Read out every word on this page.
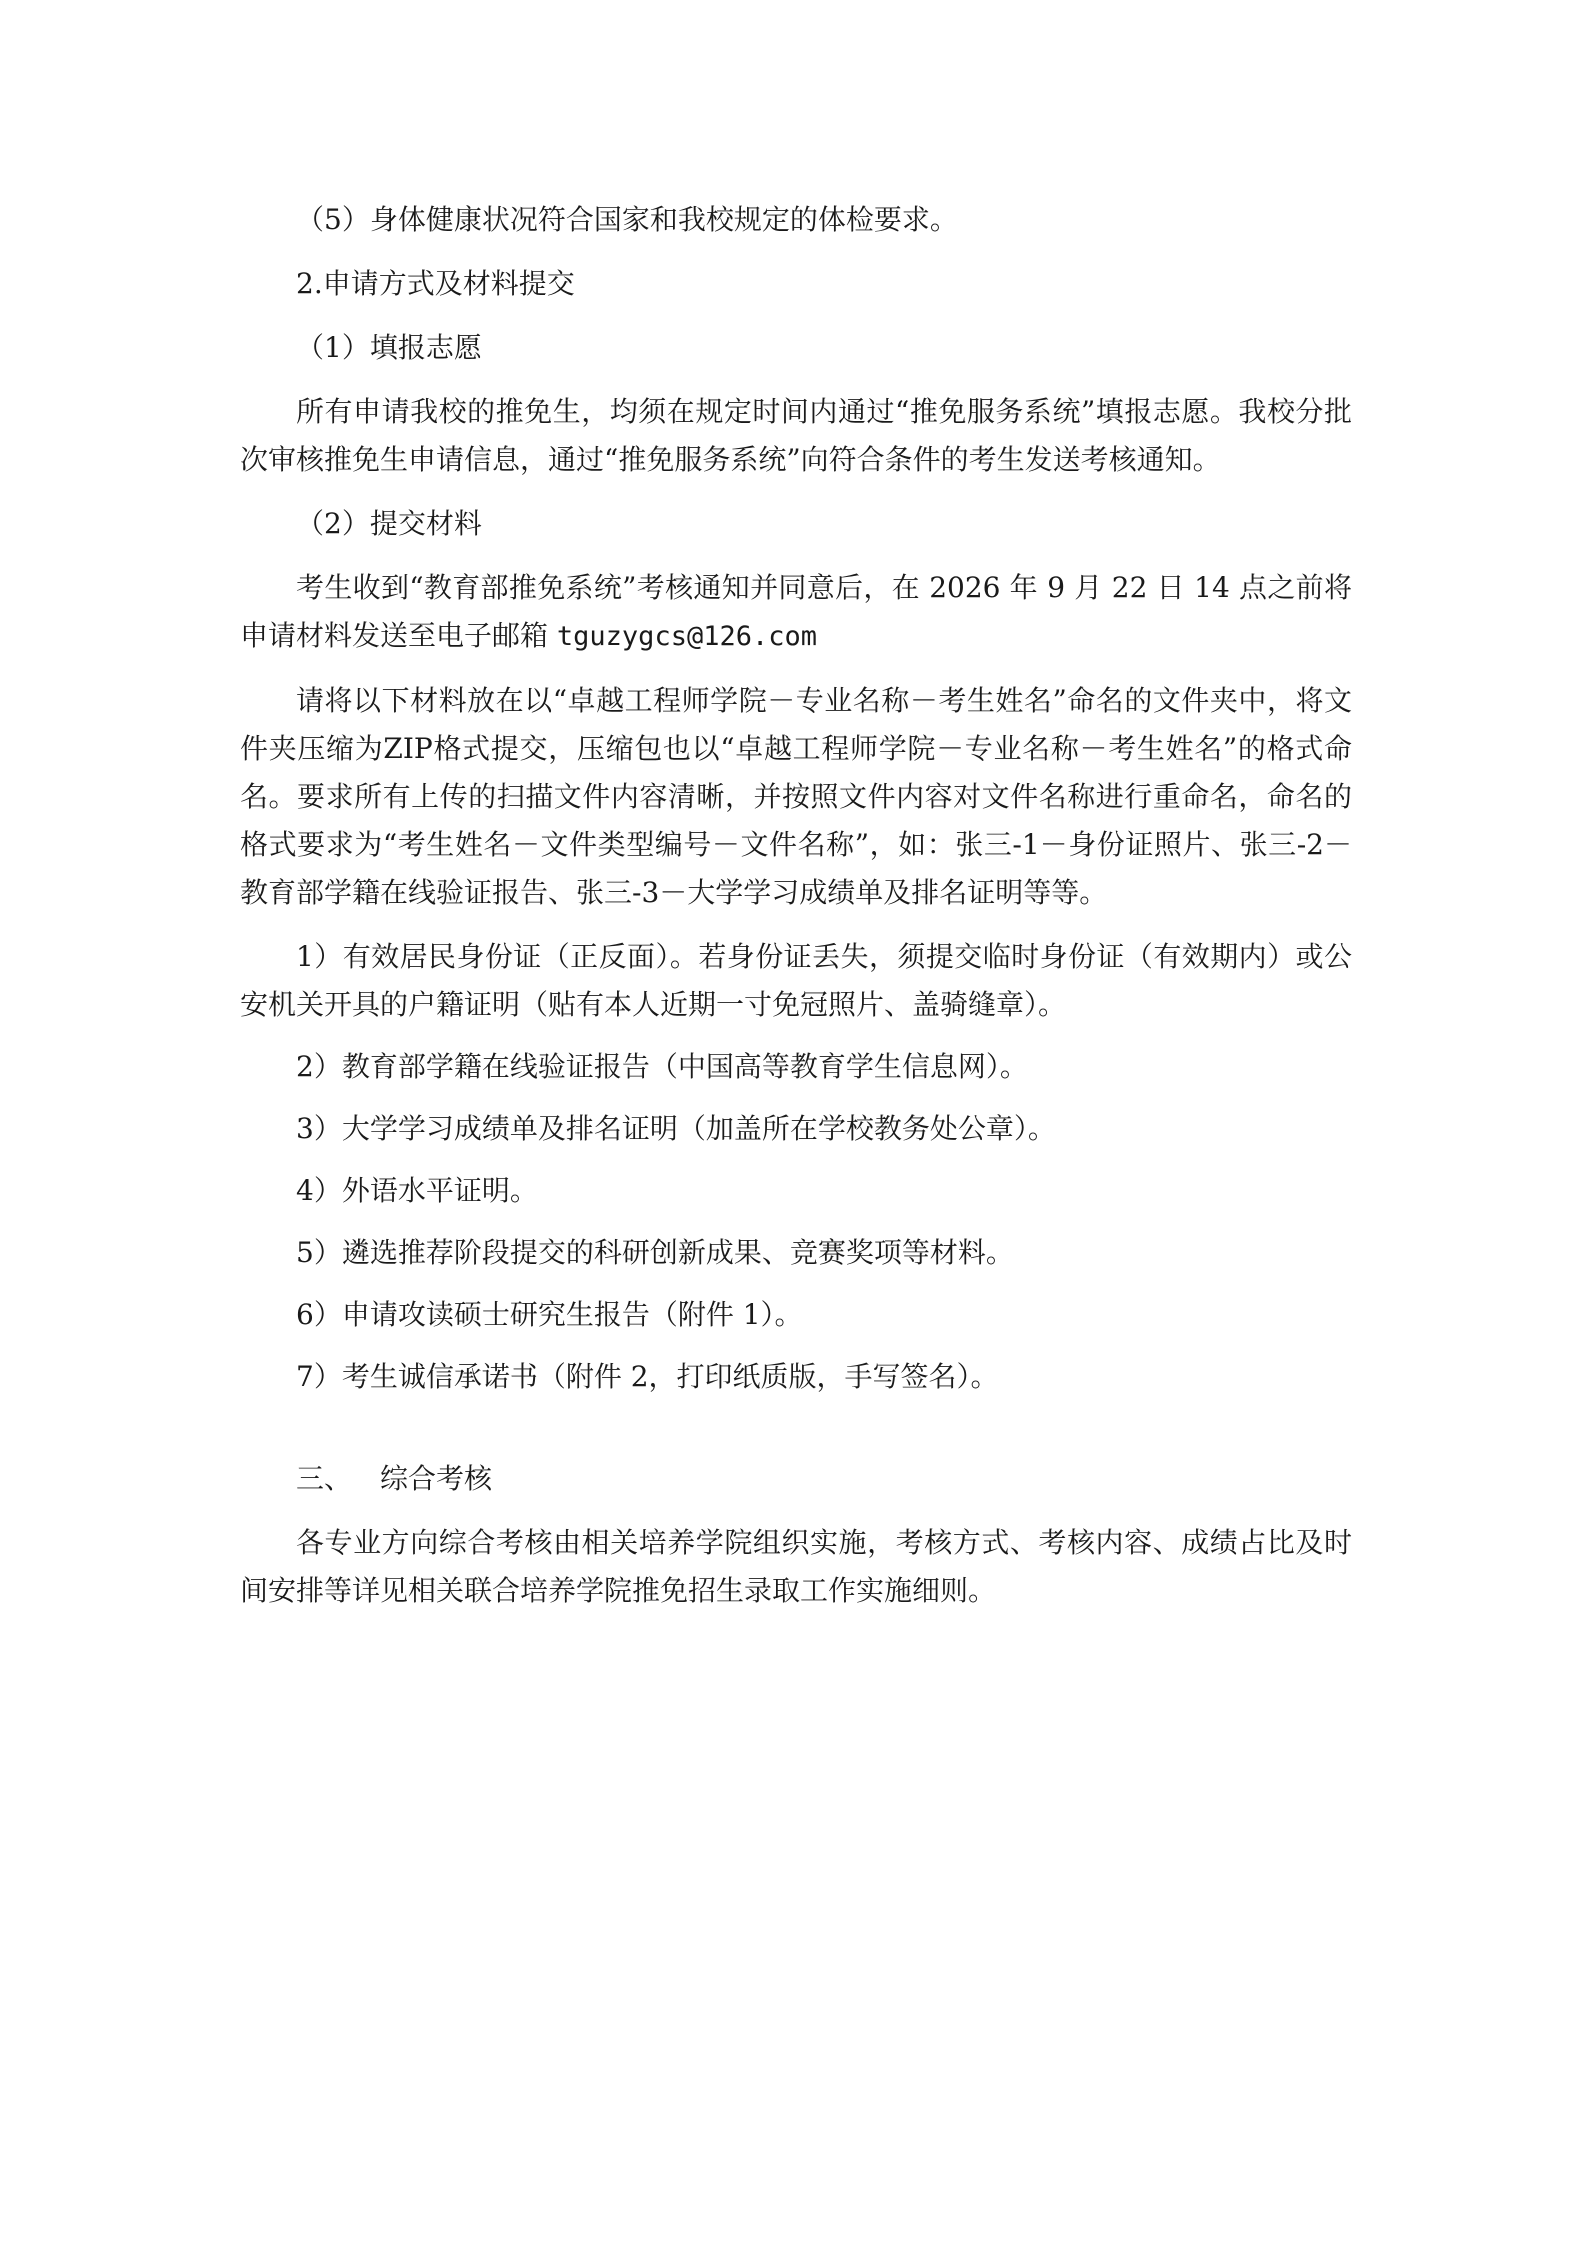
（5）身体健康状况符合国家和我校规定的体检要求。

2.申请方式及材料提交

（1）填报志愿

所有申请我校的推免生，均须在规定时间内通过“推免服务系统”填报志愿。我校分批次审核推免生申请信息，通过“推免服务系统”向符合条件的考生发送考核通知。

（2）提交材料

考生收到“教育部推免系统”考核通知并同意后，在 2026 年 9 月 22 日 14 点之前将申请材料发送至电子邮箱 tguzygcs@126.com

请将以下材料放在以“卓越工程师学院－专业名称－考生姓名”命名的文件夹中，将文件夹压缩为ZIP格式提交，压缩包也以“卓越工程师学院－专业名称－考生姓名”的格式命名。要求所有上传的扫描文件内容清晰，并按照文件内容对文件名称进行重命名，命名的格式要求为“考生姓名－文件类型编号－文件名称”，如：张三-1－身份证照片、张三-2－教育部学籍在线验证报告、张三-3－大学学习成绩单及排名证明等等。

1）有效居民身份证（正反面）。若身份证丢失，须提交临时身份证（有效期内）或公安机关开具的户籍证明（贴有本人近期一寸免冠照片、盖骑缝章）。

2）教育部学籍在线验证报告（中国高等教育学生信息网）。

3）大学学习成绩单及排名证明（加盖所在学校教务处公章）。

4）外语水平证明。

5）遴选推荐阶段提交的科研创新成果、竞赛奖项等材料。

6）申请攻读硕士研究生报告（附件 1）。

7）考生诚信承诺书（附件 2，打印纸质版，手写签名）。

三、 综合考核

各专业方向综合考核由相关培养学院组织实施，考核方式、考核内容、成绩占比及时间安排等详见相关联合培养学院推免招生录取工作实施细则。
